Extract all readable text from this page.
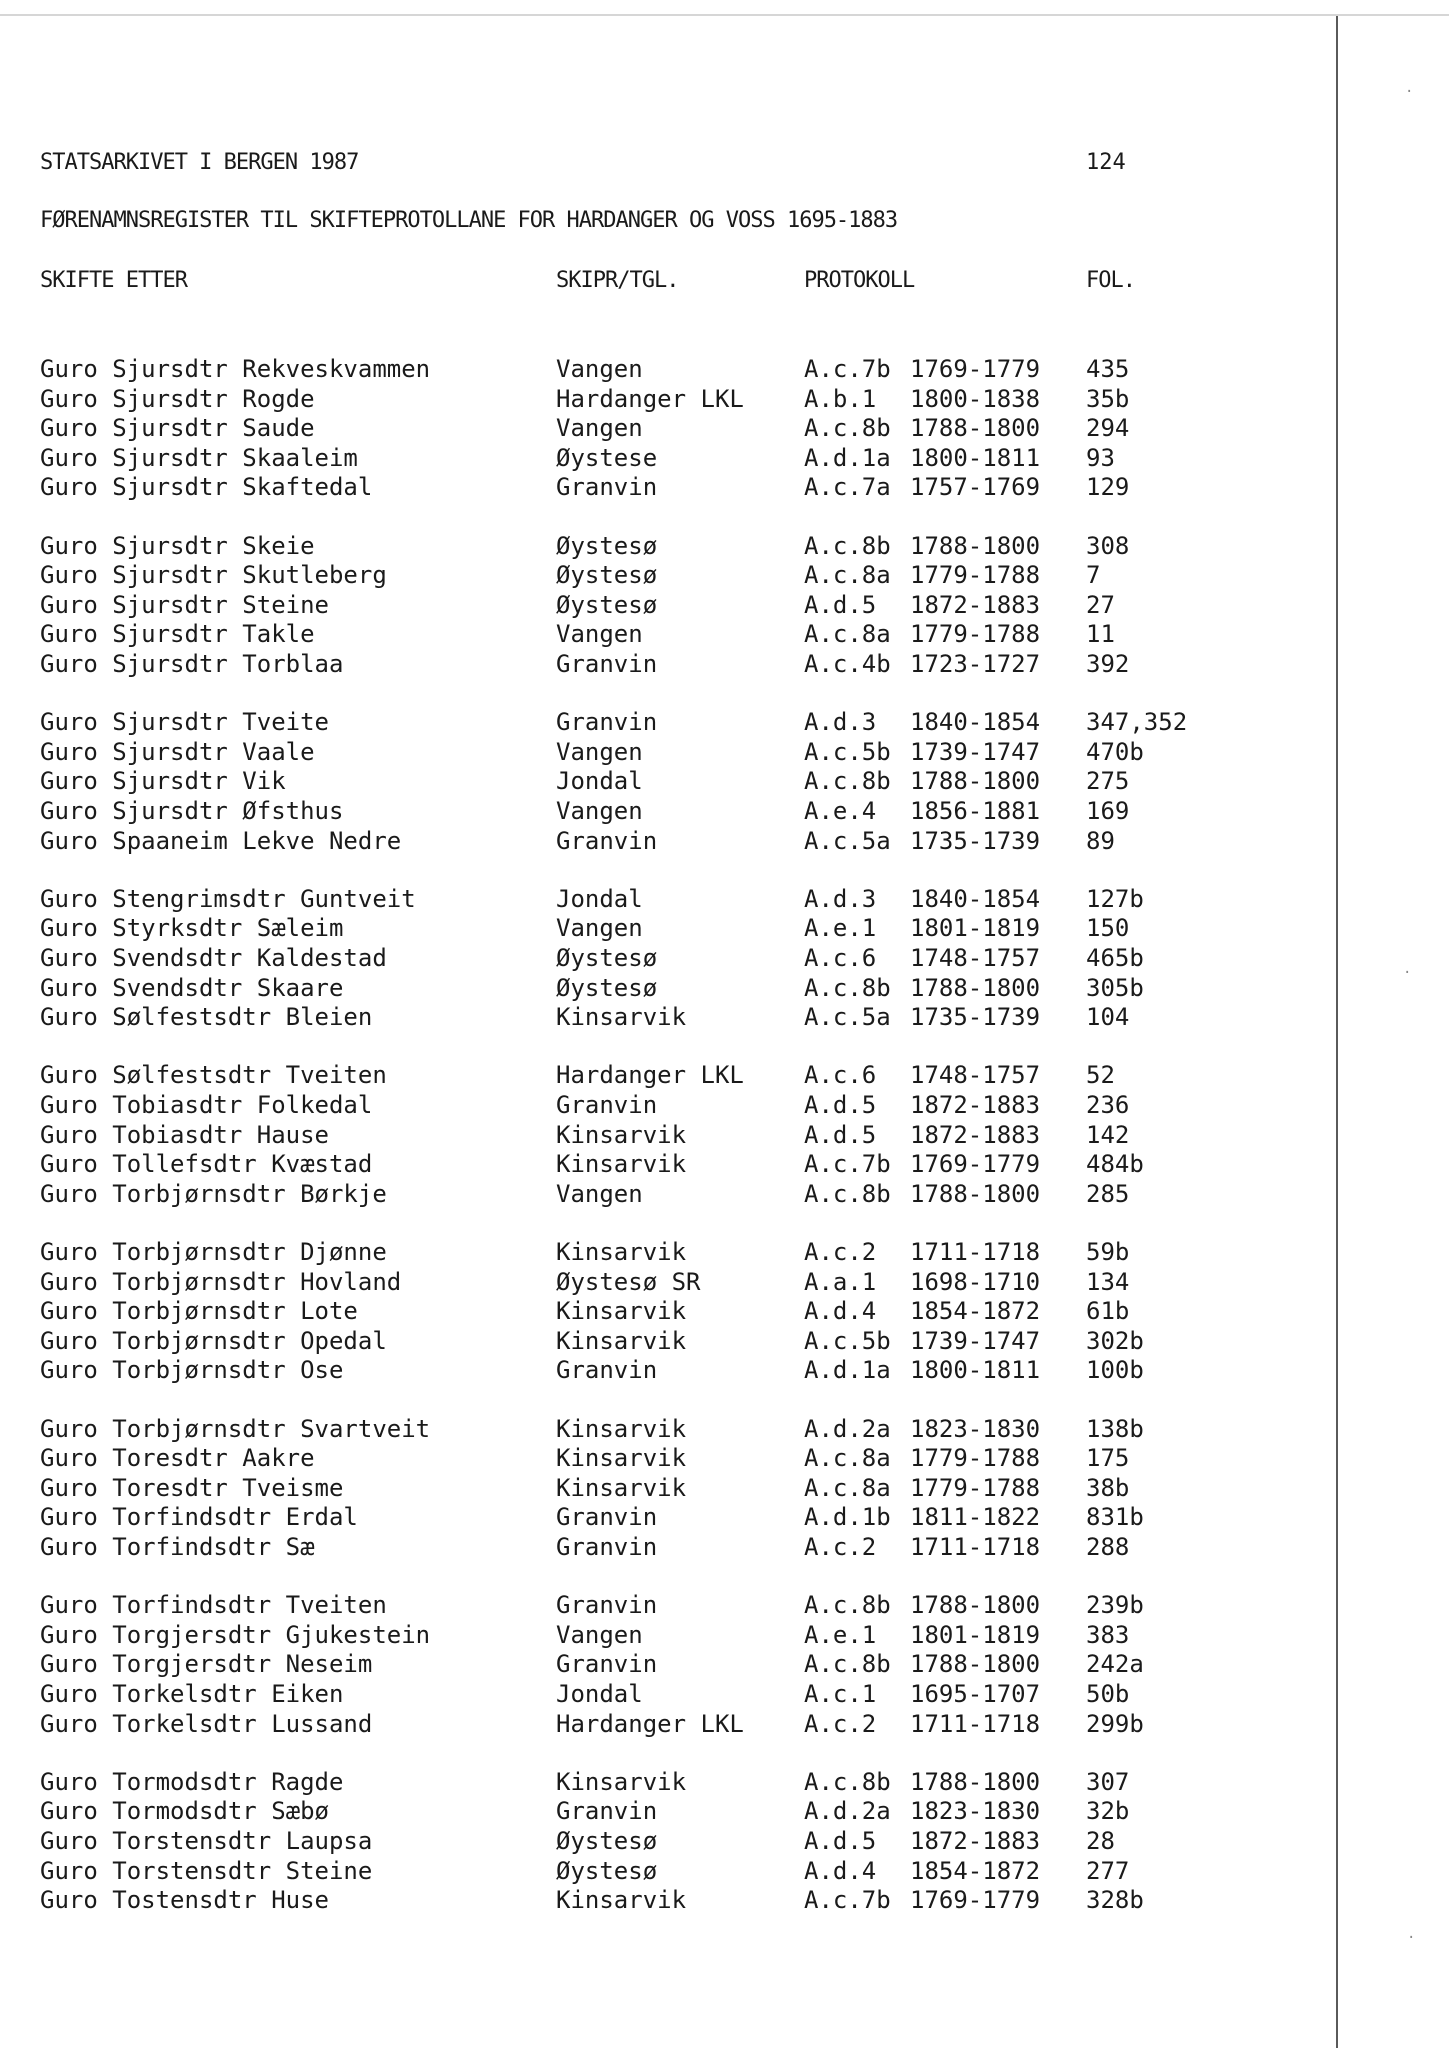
STATSARKIVET I BERGEN 1987	124
FØRENAMNSREGISTER TIL SKIFTEPROTOLLANE FOR HARDANGER OG VOSS 1695-1883
SKIFTE ETTER	SKIPR/TGL.	PROTOKOLL	FOL.
Guro Sjursdtr Rekveskvammen	Vangen	A.c.7b 1769-1779 435
Guro Sjursdtr Rogde	Hardanger LKL	A.b.1 1800-1838 35b
Guro Sjursdtr Saude	Vangen	A.c.8b 1788-1800 294
Guro Sjursdtr Skaaleim	Øystese	A.d.1a 1800-1811 93
Guro Sjursdtr Skaftedal	Granvin	A.c.7a 1757-1769 129
Guro Sjursdtr Skeie	Øystesø	A.c.8b 1788-1800 308
Guro Sjursdtr Skutleberg	Øystesø	A.c.8a 1779-1788 7
Guro Sjursdtr Steine	Øystesø	A.d.5 1872-1883 27
Guro Sjursdtr Takle	Vangen	A.c.8a 1779-1788 11
Guro Sjursdtr Torblaa	Granvin	A.c.4b 1723-1727 392
Guro Sjursdtr Tveite	Granvin	A.d.3 1840-1854 347,352
Guro Sjursdtr Vaale	Vangen	A.c.5b 1739-1747 470b
Guro Sjursdtr Vik	Jondal	A.c.8b 1788-1800 275
Guro Sjursdtr Øfsthus	Vangen	A.e.4 1856-1881 169
Guro Spaaneim Lekve Nedre	Granvin	A.c.5a 1735-1739 89
Guro Stengrimsdtr Guntveit	Jondal	A.d.3 1840-1854 127b
Guro Styrksdtr Sæleim	Vangen	A.e.1 1801-1819 150
Guro Svendsdtr Kaldestad	Øystesø	A.c.6 1748-1757 465b
Guro Svendsdtr Skaare	Øystesø	A.c.8b 1788-1800 305b
Guro Sølfestsdtr Bleien	Kinsarvik	A.c.5a 1735-1739 104
Guro Sølfestsdtr Tveiten	Hardanger LKL	A.c.6 1748-1757 52
Guro Tobiasdtr Folkedal	Granvin	A.d.5 1872-1883 236
Guro Tobiasdtr Hause	Kinsarvik	A.d.5 1872-1883 142
Guro Tollefsdtr Kvæstad	Kinsarvik	A.c.7b 1769-1779 484b
Guro Torbjørnsdtr Børkje	Vangen	A.c.8b 1788-1800 285
Guro Torbjørnsdtr Djønne	Kinsarvik	A.c.2 1711-1718 59b
Guro Torbjørnsdtr Hovland	Øystesø SR	A.a.1 1698-1710 134
Guro Torbjørnsdtr Lote	Kinsarvik	A.d.4 1854-1872 61b
Guro Torbjørnsdtr Opedal	Kinsarvik	A.c.5b 1739-1747 302b
Guro Torbjørnsdtr Ose	Granvin	A.d.1a 1800-1811 100b
Guro Torbjørnsdtr Svartveit	Kinsarvik	A.d.2a 1823-1830 138b
Guro Toresdtr Aakre	Kinsarvik	A.c.8a 1779-1788 175
Guro Toresdtr Tveisme	Kinsarvik	A.c.8a 1779-1788 38b
Guro Torfindsdtr Erdal	Granvin	A.d.1b 1811-1822 831b
Guro Torfindsdtr Sæ	Granvin	A.c.2 1711-1718 288
Guro Torfindsdtr Tveiten	Granvin	A.c.8b 1788-1800 239b
Guro Torgjersdtr Gjukestein	Vangen	A.e.1 1801-1819 383
Guro Torgjersdtr Neseim	Granvin	A.c.8b 1788-1800 242a
Guro Torkelsdtr Eiken	Jondal	A.c.1 1695-1707 50b
Guro Torkelsdtr Lussand	Hardanger LKL	A.c.2 1711-1718 299b
Guro Tormodsdtr Ragde	Kinsarvik	A.c.8b 1788-1800 307
Guro Tormodsdtr Sæbø	Granvin	A.d.2a 1823-1830 32b
Guro Torstensdtr Laupsa	Øystesø	A.d.5 1872-1883 28
Guro Torstensdtr Steine	Øystesø	A.d.4 1854-1872 277
Guro Tostensdtr Huse	Kinsarvik	A.c.7b 1769-1779 328b
·
·
·
